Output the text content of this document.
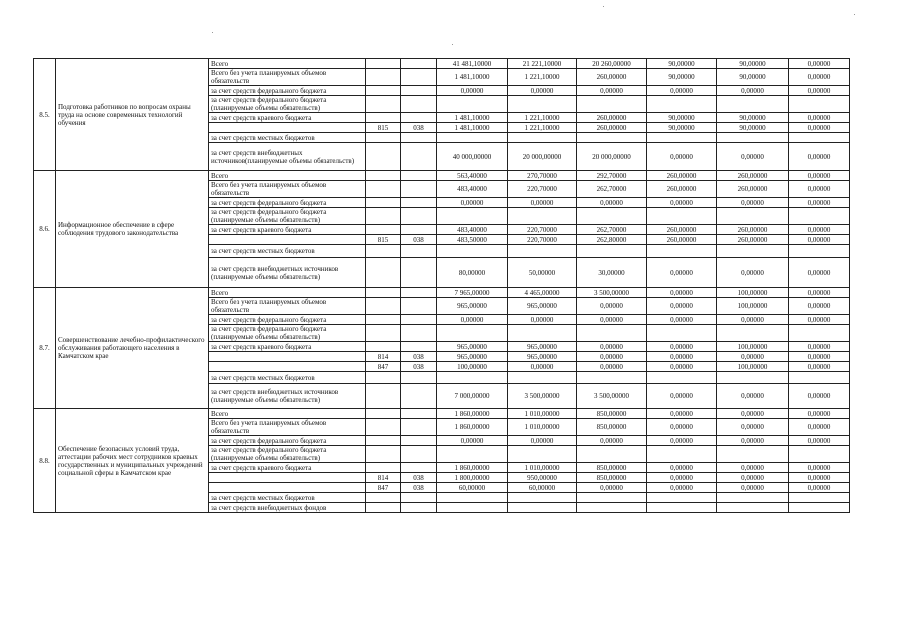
8.5.	Подготовка работников по вопросам охраны труда на основе современных технологий обучения	Всего			41 481,10000	21 221,10000	20 260,00000	90,00000	90,00000	0,00000
		Всего без учета планируемых объемов обязательств			1 481,10000	1 221,10000	260,00000	90,00000	90,00000	0,00000
		за счет средств федерального бюджета			0,00000	0,00000	0,00000	0,00000	0,00000	0,00000
		за счет средств федерального бюджета (планируемые объемы обязательств)								
		за счет средств краевого бюджета			1 481,10000	1 221,10000	260,00000	90,00000	90,00000	0,00000
			815	038	1 481,10000	1 221,10000	260,00000	90,00000	90,00000	0,00000
		за счет средств местных бюджетов								
		за счет средств внебюджетных источников(планируемые объемы обязательств)			40 000,00000	20 000,00000	20 000,00000	0,00000	0,00000	0,00000
8.6.	Информационное обеспечение в сфере соблюдения трудового законодательства	Всего			563,40000	270,70000	292,70000	260,00000	260,00000	0,00000
		Всего без учета планируемых объемов обязательств			483,40000	220,70000	262,70000	260,00000	260,00000	0,00000
		за счет средств федерального бюджета			0,00000	0,00000	0,00000	0,00000	0,00000	0,00000
		за счет средств федерального бюджета (планируемые объемы обязательств)								
		за счет средств краевого бюджета			483,40000	220,70000	262,70000	260,00000	260,00000	0,00000
			815	038	483,50000	220,70000	262,80000	260,00000	260,00000	0,00000
		за счет средств местных бюджетов								
		за счет средств внебюджетных источников (планируемые объемы обязательств)			80,00000	50,00000	30,00000	0,00000	0,00000	0,00000
8.7.	Совершенствование лечебно-профилактического обслуживания работающего населения в Камчатском крае	Всего			7 965,00000	4 465,00000	3 500,00000	0,00000	100,00000	0,00000
		Всего без учета планируемых объемов обязательств			965,00000	965,00000	0,00000	0,00000	100,00000	0,00000
		за счет средств федерального бюджета			0,00000	0,00000	0,00000	0,00000	0,00000	0,00000
		за счет средств федерального бюджета (планируемые объемы обязательств)								
		за счет средств краевого бюджета			965,00000	965,00000	0,00000	0,00000	100,00000	0,00000
			814	038	965,00000	965,00000	0,00000	0,00000	0,00000	0,00000
			847	038	100,00000	0,00000	0,00000	0,00000	100,00000	0,00000
		за счет средств местных бюджетов								
		за счет средств внебюджетных источников (планируемые объемы обязательств)			7 000,00000	3 500,00000	3 500,00000	0,00000	0,00000	0,00000
8.8.	Обеспечение безопасных условий труда, аттестации рабочих мест сотрудников краевых государственных и муниципальных учреждений социальной сферы в Камчатском крае	Всего			1 860,00000	1 010,00000	850,00000	0,00000	0,00000	0,00000
		Всего без учета планируемых объемов обязательств			1 860,00000	1 010,00000	850,00000	0,00000	0,00000	0,00000
		за счет средств федерального бюджета			0,00000	0,00000	0,00000	0,00000	0,00000	0,00000
		за счет средств федерального бюджета (планируемые объемы обязательств)								
		за счет средств краевого бюджета			1 860,00000	1 010,00000	850,00000	0,00000	0,00000	0,00000
			814	038	1 800,00000	950,00000	850,00000	0,00000	0,00000	0,00000
			847	038	60,00000	60,00000	0,00000	0,00000	0,00000	0,00000
		за счет средств местных бюджетов								
		за счет средств внебюджетных фондов								
